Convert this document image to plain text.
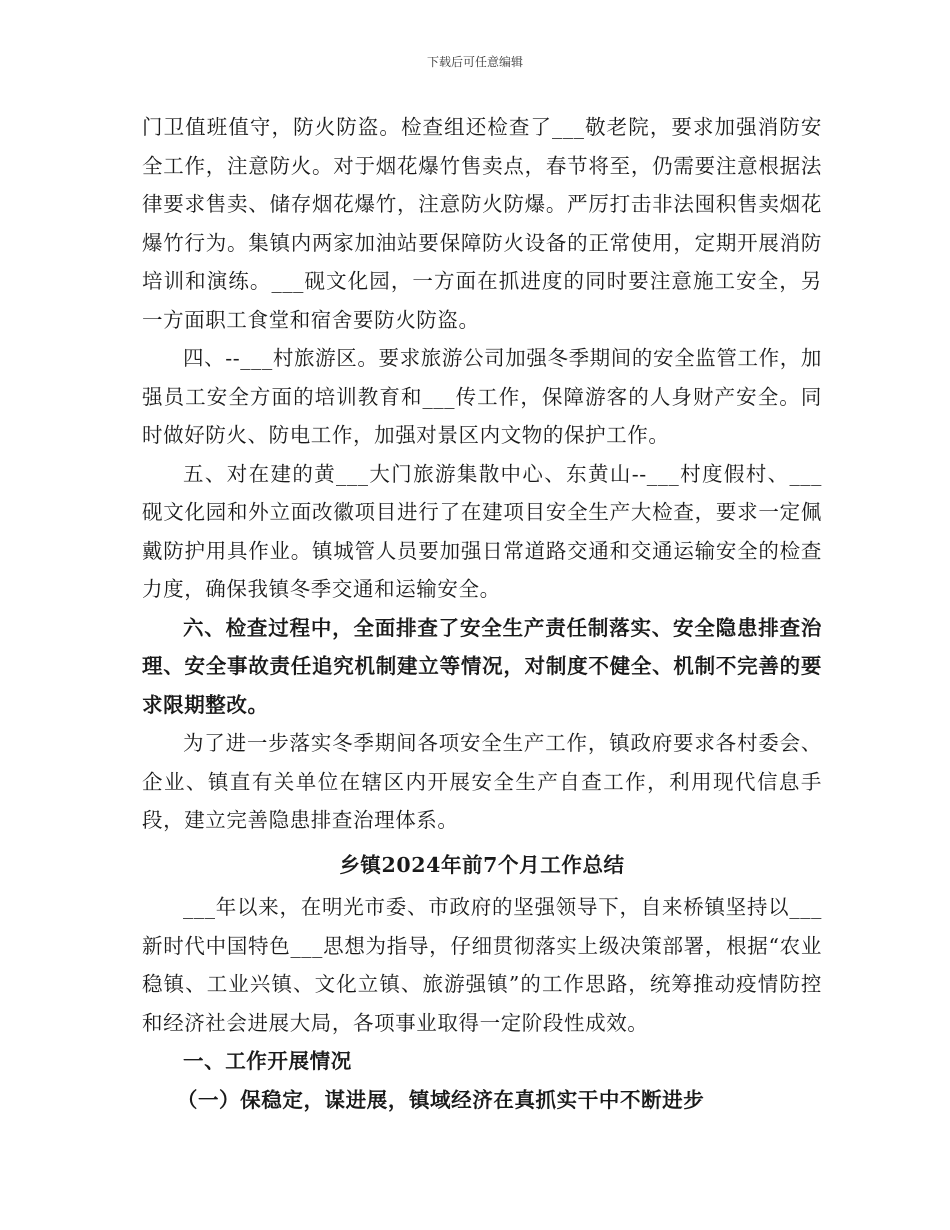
下载后可任意编辑

门卫值班值守，防火防盗。检查组还检查了___敬老院，要求加强消防安全工作，注意防火。对于烟花爆竹售卖点，春节将至，仍需要注意根据法律要求售卖、储存烟花爆竹，注意防火防爆。严厉打击非法囤积售卖烟花爆竹行为。集镇内两家加油站要保障防火设备的正常使用，定期开展消防培训和演练。___砚文化园，一方面在抓进度的同时要注意施工安全，另一方面职工食堂和宿舍要防火防盗。

四、--___村旅游区。要求旅游公司加强冬季期间的安全监管工作，加强员工安全方面的培训教育和___传工作，保障游客的人身财产安全。同时做好防火、防电工作，加强对景区内文物的保护工作。

五、对在建的黄___大门旅游集散中心、东黄山--___村度假村、___砚文化园和外立面改徽项目进行了在建项目安全生产大检查，要求一定佩戴防护用具作业。镇城管人员要加强日常道路交通和交通运输安全的检查力度，确保我镇冬季交通和运输安全。

六、检查过程中，全面排查了安全生产责任制落实、安全隐患排查治理、安全事故责任追究机制建立等情况，对制度不健全、机制不完善的要求限期整改。

为了进一步落实冬季期间各项安全生产工作，镇政府要求各村委会、企业、镇直有关单位在辖区内开展安全生产自查工作，利用现代信息手段，建立完善隐患排查治理体系。

乡镇2024年前7个月工作总结

___年以来，在明光市委、市政府的坚强领导下，自来桥镇坚持以___新时代中国特色___思想为指导，仔细贯彻落实上级决策部署，根据“农业稳镇、工业兴镇、文化立镇、旅游强镇”的工作思路，统筹推动疫情防控和经济社会进展大局，各项事业取得一定阶段性成效。

一、工作开展情况

（一）保稳定，谋进展，镇域经济在真抓实干中不断进步
